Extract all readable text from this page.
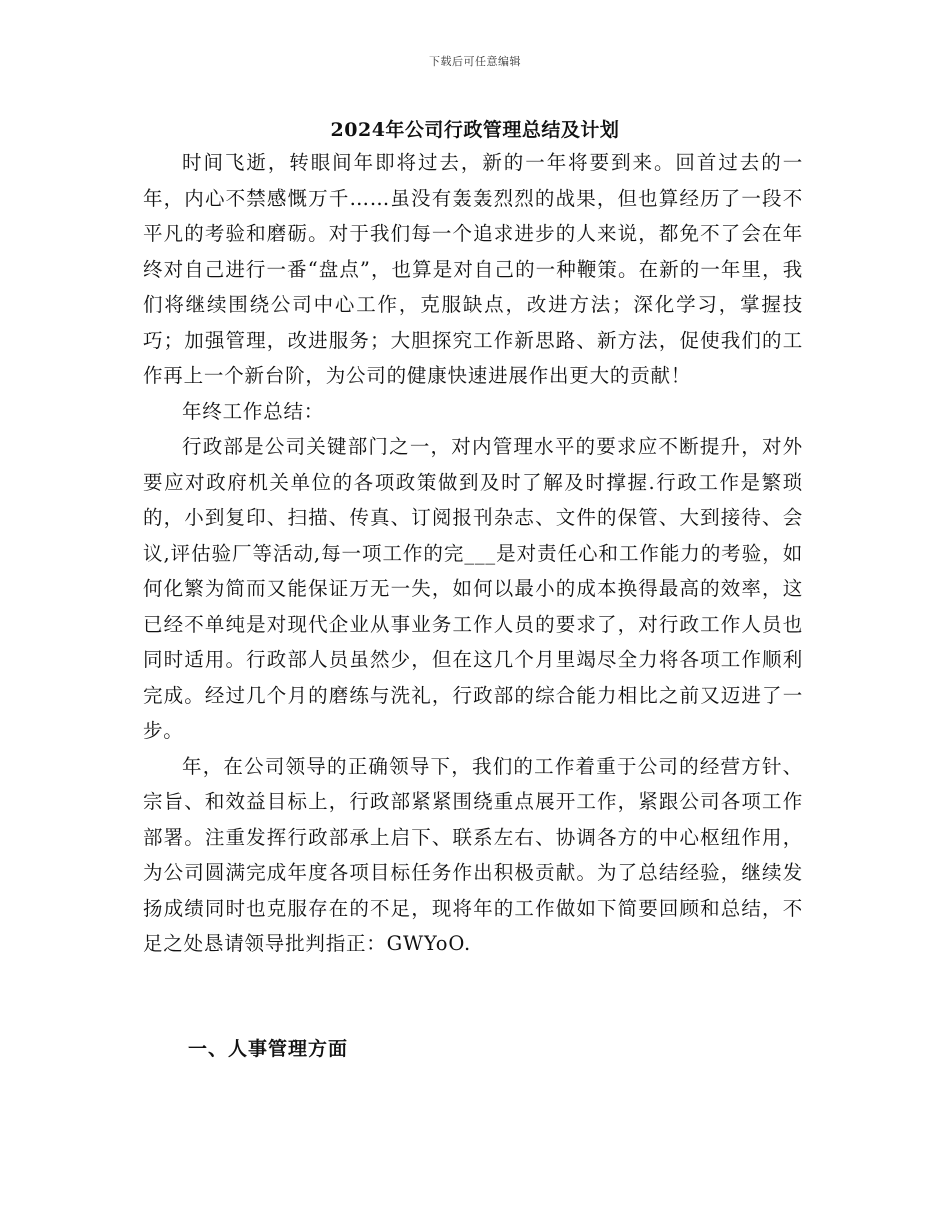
下载后可任意编辑
2024年公司行政管理总结及计划

时间飞逝，转眼间年即将过去，新的一年将要到来。回首过去的一年，内心不禁感慨万千……虽没有轰轰烈烈的战果，但也算经历了一段不平凡的考验和磨砺。对于我们每一个追求进步的人来说，都免不了会在年终对自己进行一番“盘点”，也算是对自己的一种鞭策。在新的一年里，我们将继续围绕公司中心工作，克服缺点，改进方法；深化学习，掌握技巧；加强管理，改进服务；大胆探究工作新思路、新方法，促使我们的工作再上一个新台阶，为公司的健康快速进展作出更大的贡献！

年终工作总结：

行政部是公司关键部门之一，对内管理水平的要求应不断提升，对外要应对政府机关单位的各项政策做到及时了解及时撑握.行政工作是繁琐的，小到复印、扫描、传真、订阅报刊杂志、文件的保管、大到接待、会议,评估验厂等活动,每一项工作的完___是对责任心和工作能力的考验，如何化繁为简而又能保证万无一失，如何以最小的成本换得最高的效率，这已经不单纯是对现代企业从事业务工作人员的要求了，对行政工作人员也同时适用。行政部人员虽然少，但在这几个月里竭尽全力将各项工作顺利完成。经过几个月的磨练与洗礼，行政部的综合能力相比之前又迈进了一步。

年，在公司领导的正确领导下，我们的工作着重于公司的经营方针、宗旨、和效益目标上，行政部紧紧围绕重点展开工作，紧跟公司各项工作部署。注重发挥行政部承上启下、联系左右、协调各方的中心枢纽作用，为公司圆满完成年度各项目标任务作出积极贡献。为了总结经验，继续发扬成绩同时也克服存在的不足，现将年的工作做如下简要回顾和总结，不足之处恳请领导批判指正：GWYoO.

一、人事管理方面
